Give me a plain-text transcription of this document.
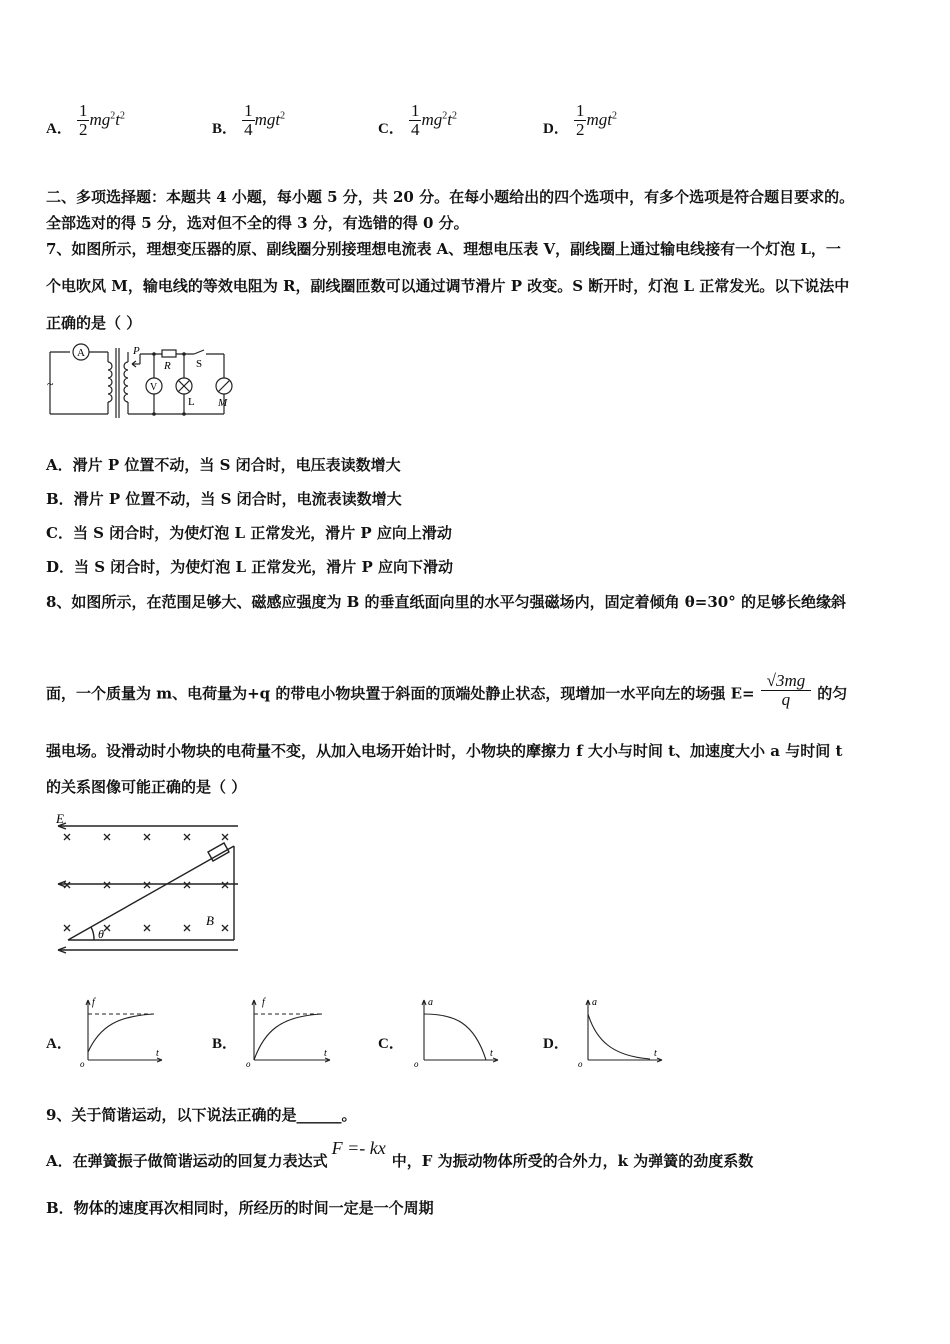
A． $\frac{1}{2} mg^2t^2$
B． $\frac{1}{4} mgt^2$
C． $\frac{1}{4} mg^2t^2$
D． $\frac{1}{2} mgt^2$
二、多项选择题：本题共 4 小题，每小题 5 分，共 20 分。在每小题给出的四个选项中，有多个选项是符合题目要求的。
全部选对的得 5 分，选对但不全的得 3 分，有选错的得 0 分。
7、如图所示，理想变压器的原、副线圈分别接理想电流表 A、理想电压表 V，副线圈上通过输电线接有一个灯泡 L，一
个电吹风 M，输电线的等效电阻为 R，副线圈匝数可以通过调节滑片 P 改变。S 断开时，灯泡 L 正常发光。以下说法中
正确的是（ ）
A
V
P
R S
L M
~
A．滑片 P 位置不动，当 S 闭合时，电压表读数增大
B．滑片 P 位置不动，当 S 闭合时，电流表读数增大
C．当 S 闭合时，为使灯泡 L 正常发光，滑片 P 应向上滑动
D．当 S 闭合时，为使灯泡 L 正常发光，滑片 P 应向下滑动
8、如图所示，在范围足够大、磁感应强度为 B 的垂直纸面向里的水平匀强磁场内，固定着倾角 θ=30° 的足够长绝缘斜
面，一个质量为 m、电荷量为+q 的带电小物块置于斜面的顶端处静止状态，现增加一水平向左的场强 $E= \frac{√3mg}{q}$ 的匀
强电场。设滑动时小物块的电荷量不变，从加入电场开始计时，小物块的摩擦力 f 大小与时间 t、加速度大小 a 与时间 t
的关系图像可能正确的是（ ）
E
B
θ
A．
f
t
o
B．
f
t
o
C．
a
t
o
D．
a
t
o
9、关于简谐运动，以下说法正确的是______。
A．在弹簧振子做简谐运动的回复力表达式F =- kx中，F 为振动物体所受的合外力，k 为弹簧的劲度系数
B．物体的速度再次相同时，所经历的时间一定是一个周期
